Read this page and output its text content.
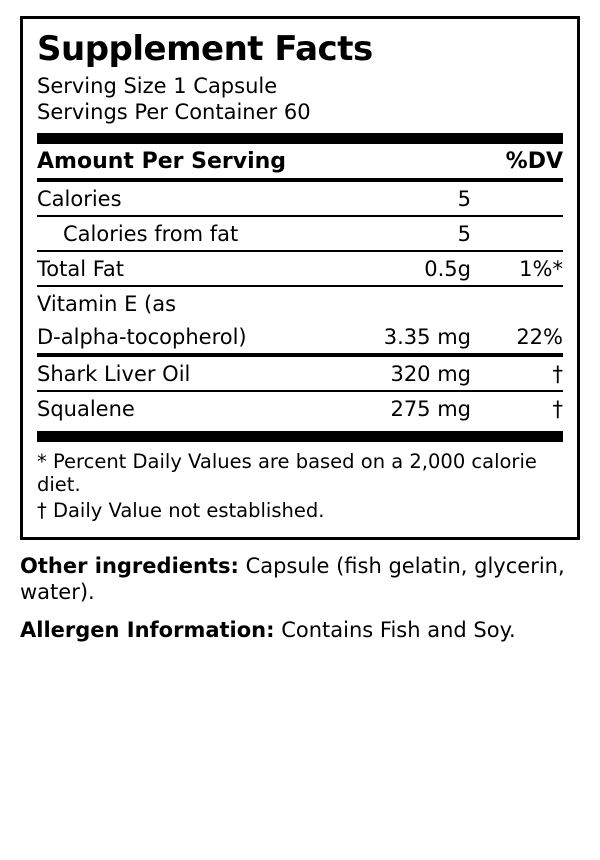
Supplement Facts
Serving Size 1 Capsule
Servings Per Container 60
Amount Per Serving		%DV

Calories	5	

Calories from fat	5	

Total Fat	0.5g	1%*

Vitamin E (as		
D-alpha-tocopherol)	3.35 mg	22%

Shark Liver Oil	320 mg	†

Squalene	275 mg	†

* Percent Daily Values are based on a 2,000 calorie diet.

† Daily Value not established.

Other ingredients: Capsule (fish gelatin, glycerin, water).

Allergen Information: Contains Fish and Soy.
